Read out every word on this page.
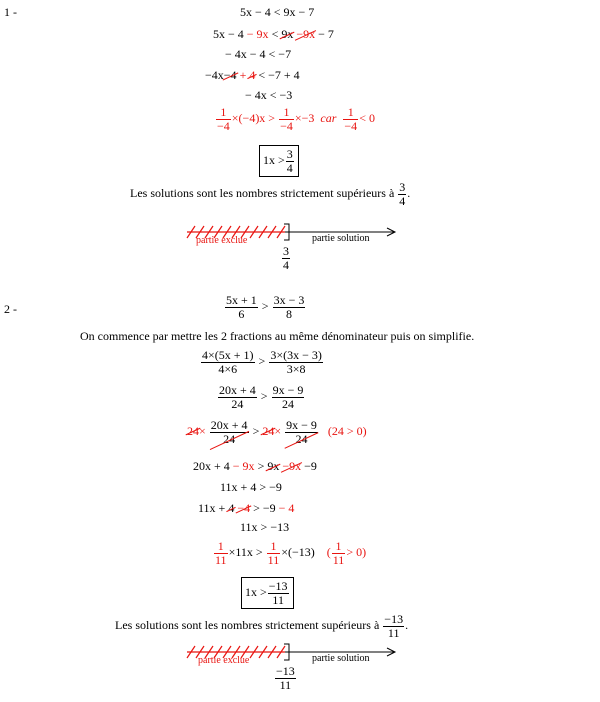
1 -	5x − 4 < 9x − 7
5x − 4 − 9x < 9x −9x − 7
− 4x − 4 < −7
−4x−4 + 4 < −7 + 4
− 4x < −3
$\frac{1}{-4} \times(-4)x > \frac{1}{-4} \times-3$ car $\frac{1}{-4} < 0$
$1x > \frac{3}{4}$
Les solutions sont les nombres strictement supérieurs à $\frac{3}{4}$ .
partie exclue	partie solution
$\frac{3}{4}$
2 -	$\frac{5x + 1}{6} > \frac{3x - 3}{8}$
On commence par mettre les 2 fractions au même dénominateur puis on simplifie.
$\frac{4\times(5x + 1)}{4\times 6} > \frac{3\times(3x - 3)}{3\times 8}$
$\frac{20x + 4}{24} > \frac{9x - 9}{24}$
$24\times \frac{20x + 4}{24} > 24\times \frac{9x - 9}{24} (24 > 0)$
20x + 4 − 9x > 9x −9x −9
11x + 4 > −9
11x + 4 −4 > −9 − 4
11x > −13
$\frac{1}{11} \times 11x > \frac{1}{11} \times(-13)$ ( $\frac{1}{11} > 0$)
$1x > \frac{-13}{11}$
Les solutions sont les nombres strictement supérieurs à $\frac{-13}{11}$ .
partie exclue	partie solution
$\frac{-13}{11}$
